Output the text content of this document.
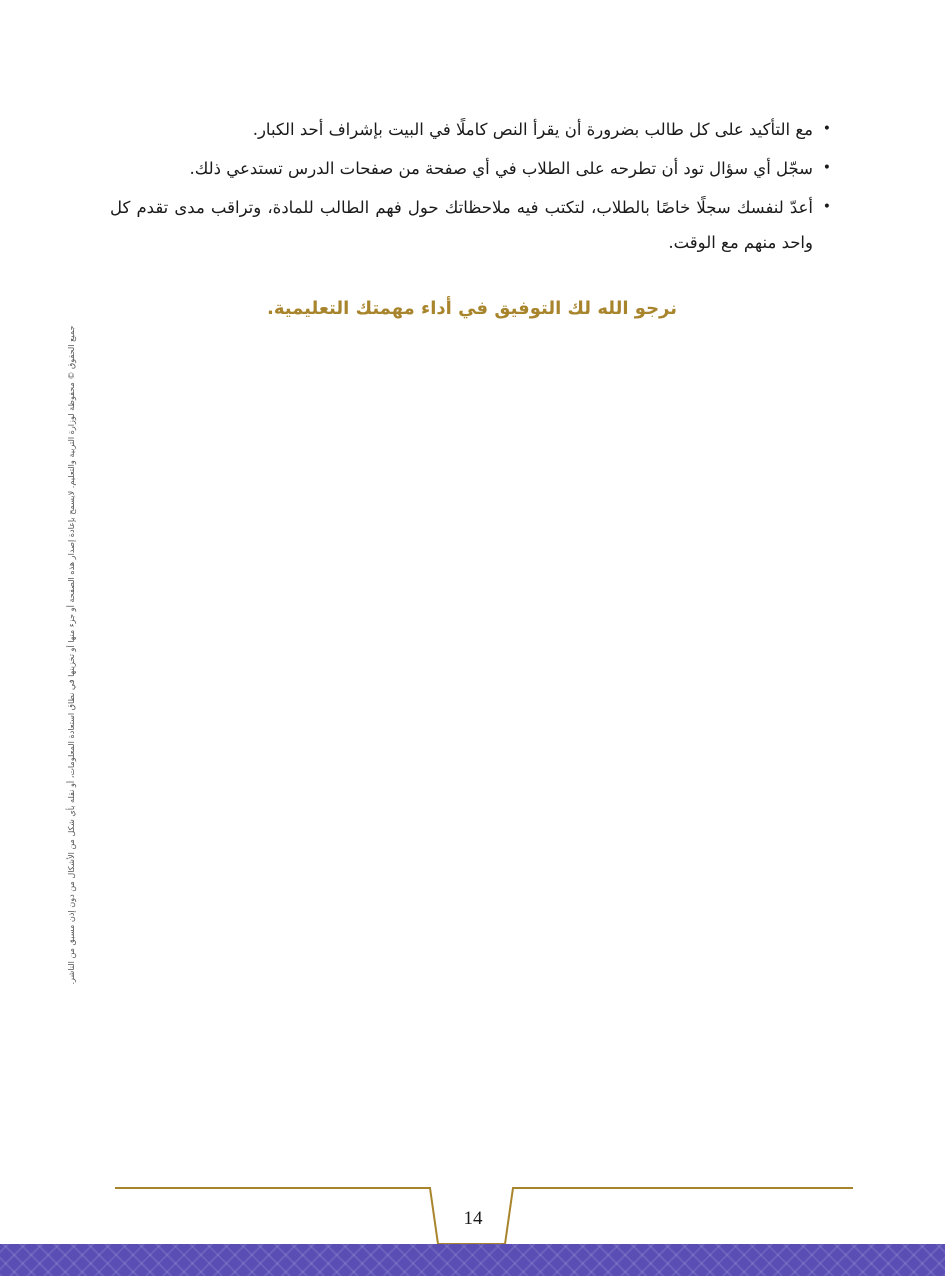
•
مع التأكيد على كل طالب بضرورة أن يقرأ النص كاملًا في البيت بإشراف أحد الكبار.
•
سجّل أي سؤال تود أن تطرحه على الطلاب في أي صفحة من صفحات الدرس تستدعي ذلك.
•
أعدّ لنفسك سجلًا خاصًا بالطلاب، لتكتب فيه ملاحظاتك حول فهم الطالب للمادة، وتراقب مدى تقدم كل واحد منهم مع الوقت.
نرجو الله لك التوفيق في أداء مهمتك التعليمية.
جميع الحقوق © محفوظة لوزارة التربية والتعليم. لايسمح بإعادة إصدار هذه الصفحة أو جزء منها أو تخزينها في نطاق استعادة المعلومات، أو نقله بأي شكل من الأشكال من دون إذن مسبق من الناشر.
14
